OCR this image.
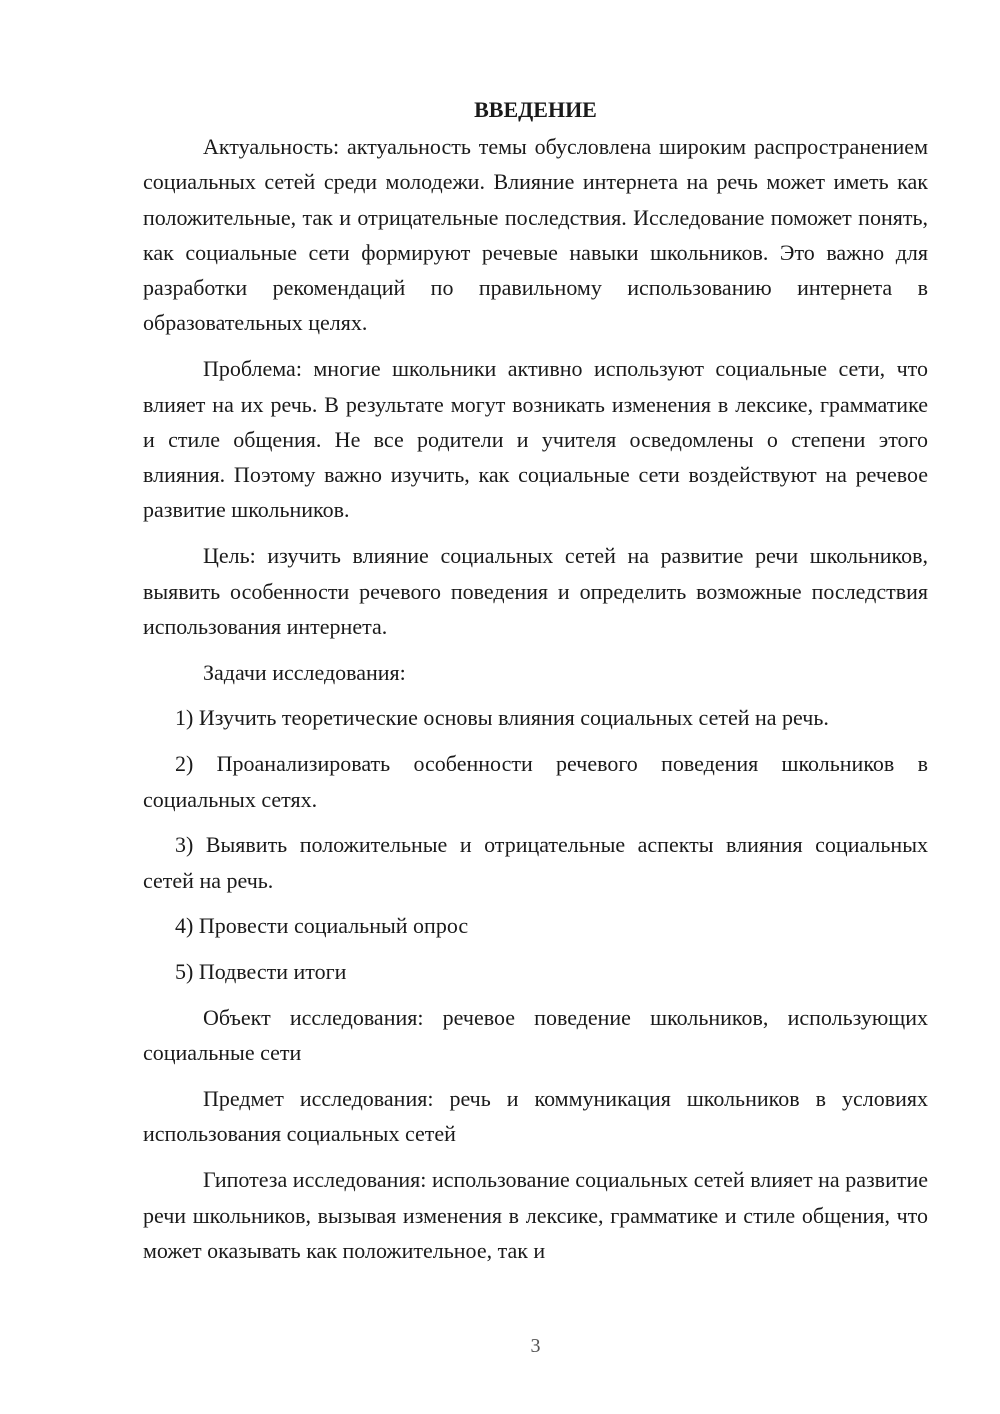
ВВЕДЕНИЕ

Актуальность: актуальность темы обусловлена широким распространением социальных сетей среди молодежи. Влияние интернета на речь может иметь как положительные, так и отрицательные последствия. Исследование поможет понять, как социальные сети формируют речевые навыки школьников. Это важно для разработки рекомендаций по правильному использованию интернета в образовательных целях.

Проблема: многие школьники активно используют социальные сети, что влияет на их речь. В результате могут возникать изменения в лексике, грамматике и стиле общения. Не все родители и учителя осведомлены о степени этого влияния. Поэтому важно изучить, как социальные сети воздействуют на речевое развитие школьников.

Цель: изучить влияние социальных сетей на развитие речи школьников, выявить особенности речевого поведения и определить возможные последствия использования интернета.

Задачи исследования:

1) Изучить теоретические основы влияния социальных сетей на речь.

2) Проанализировать особенности речевого поведения школьников в социальных сетях.

3) Выявить положительные и отрицательные аспекты влияния социальных сетей на речь.

4) Провести социальный опрос

5) Подвести итоги

Объект исследования: речевое поведение школьников, использующих социальные сети

Предмет исследования: речь и коммуникация школьников в условиях использования социальных сетей

Гипотеза исследования: использование социальных сетей влияет на развитие речи школьников, вызывая изменения в лексике, грамматике и стиле общения, что может оказывать как положительное, так и

3
